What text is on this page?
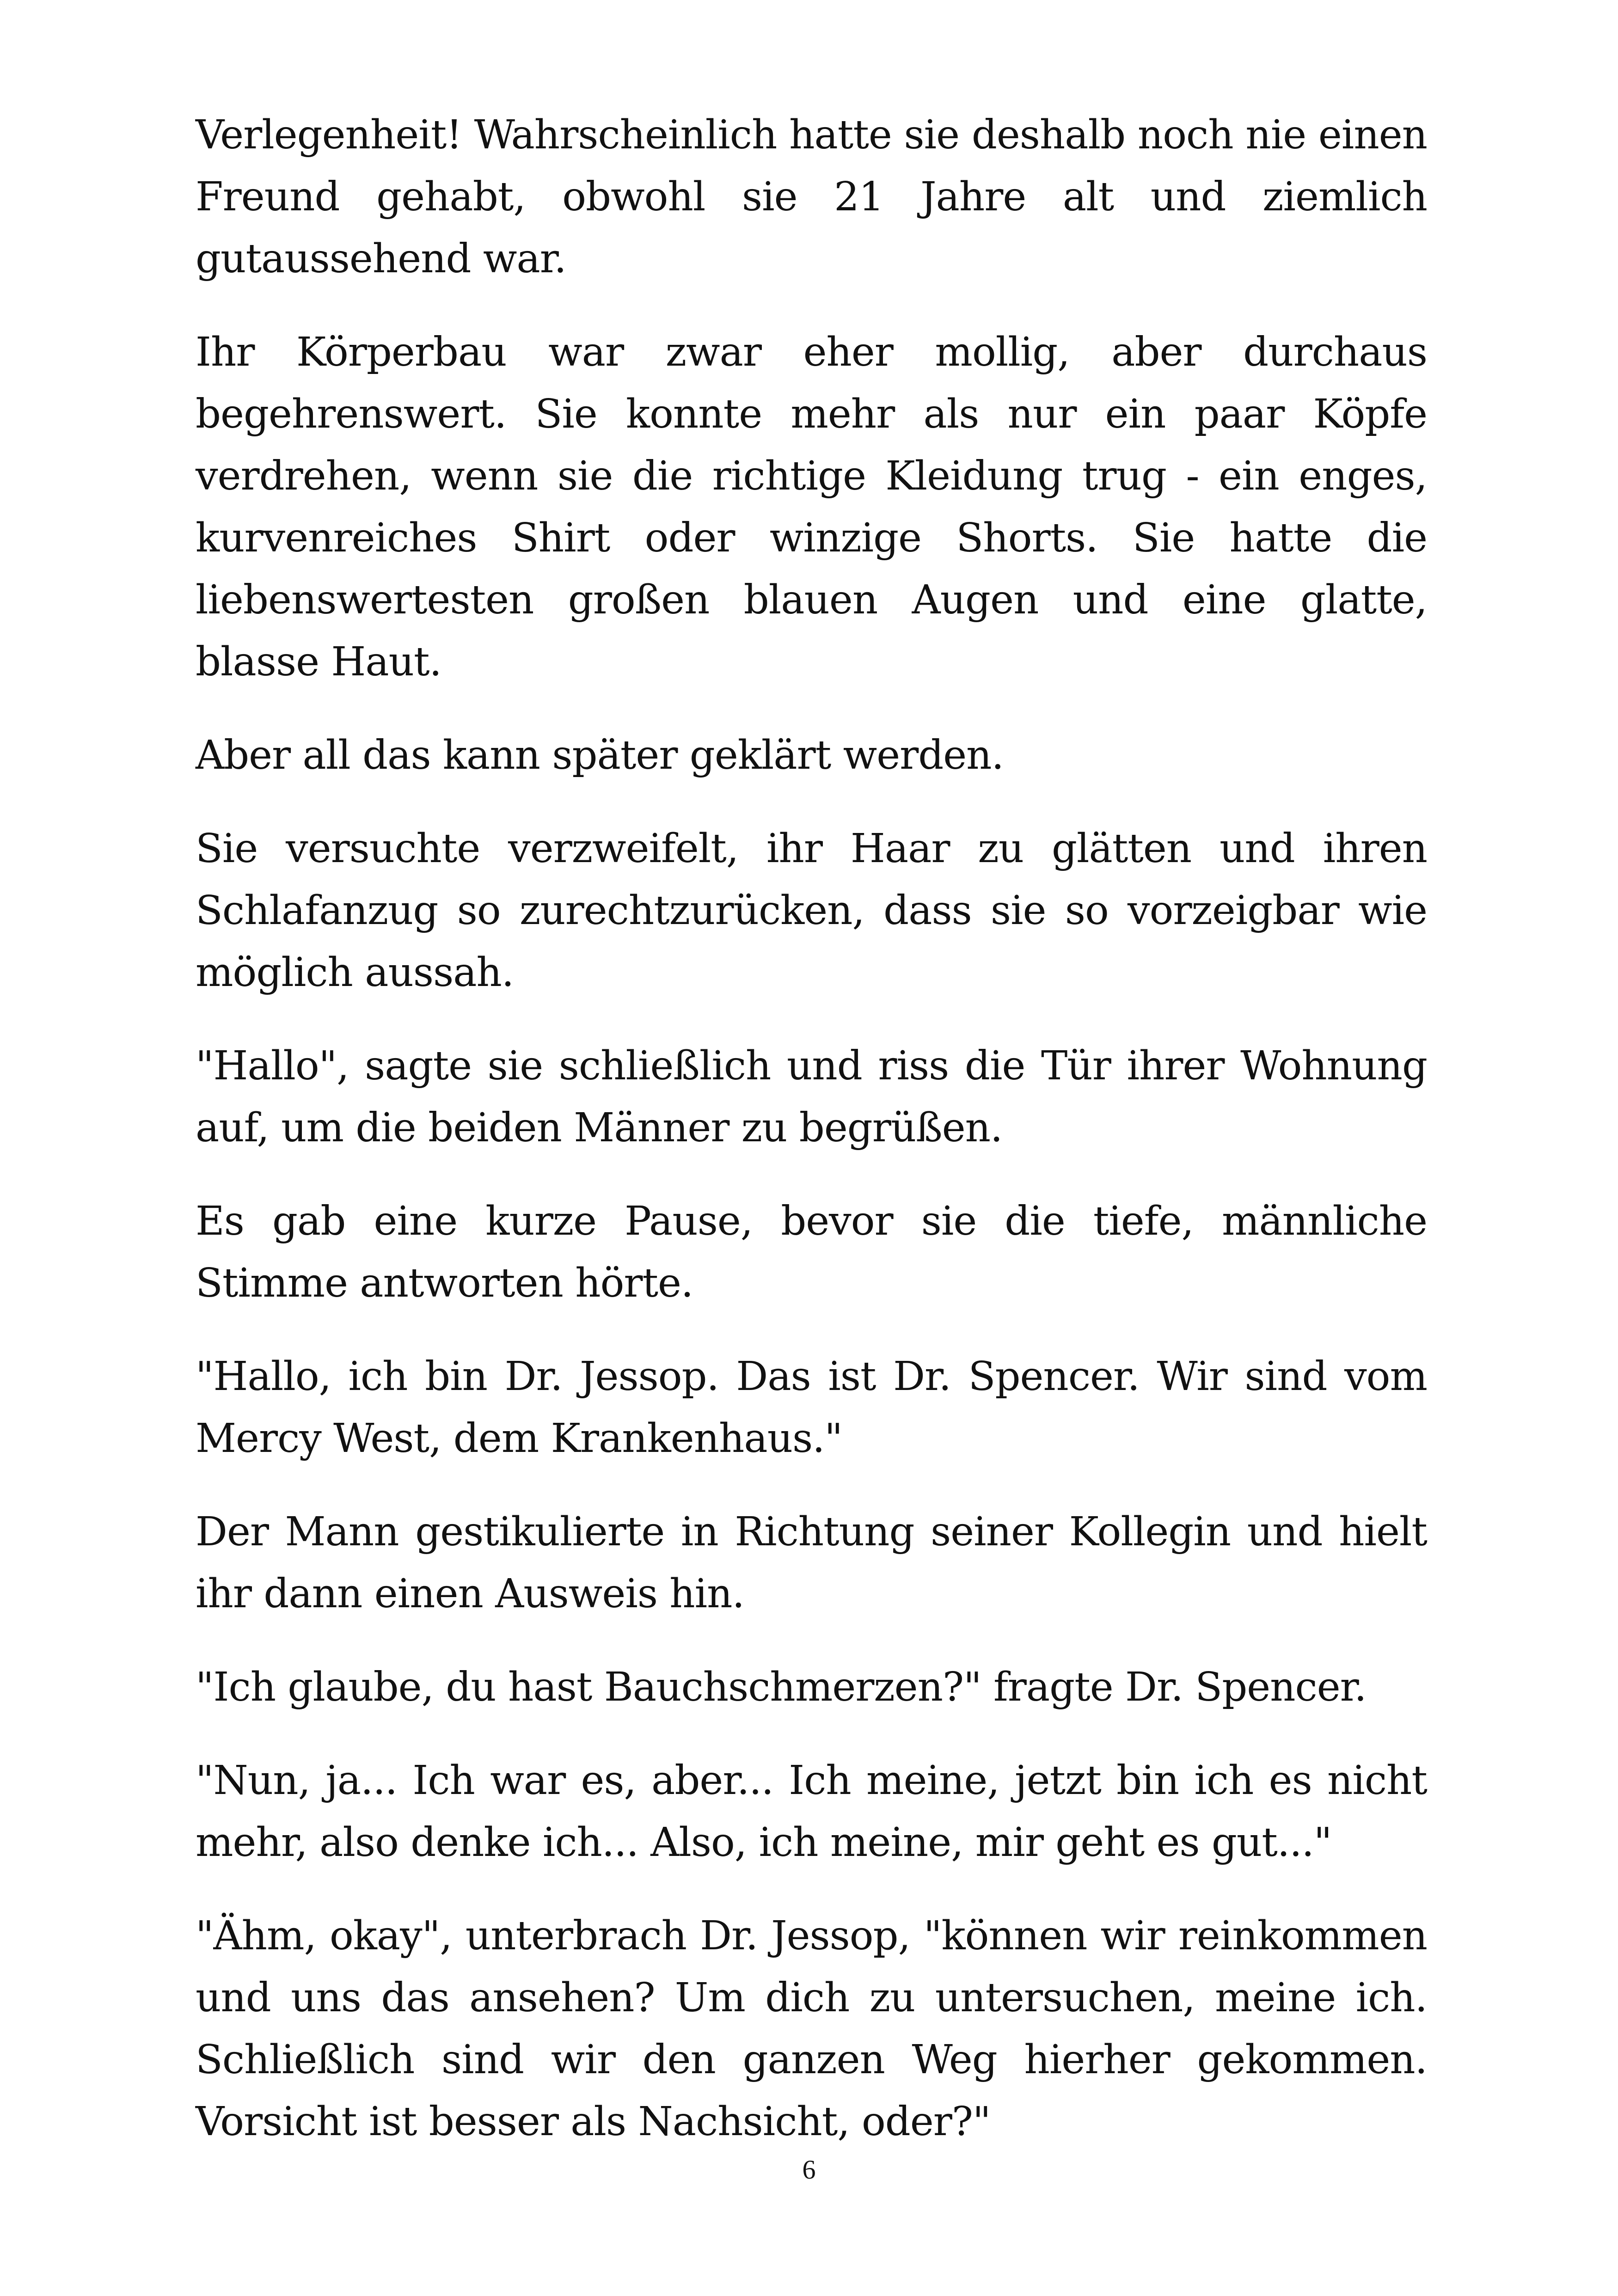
Verlegenheit! Wahrscheinlich hatte sie deshalb noch nie einen Freund gehabt, obwohl sie 21 Jahre alt und ziemlich gutaussehend war.

Ihr Körperbau war zwar eher mollig, aber durchaus begehrenswert. Sie konnte mehr als nur ein paar Köpfe verdrehen, wenn sie die richtige Kleidung trug - ein enges, kurvenreiches Shirt oder winzige Shorts. Sie hatte die liebenswertesten großen blauen Augen und eine glatte, blasse Haut.

Aber all das kann später geklärt werden.

Sie versuchte verzweifelt, ihr Haar zu glätten und ihren Schlafanzug so zurechtzurücken, dass sie so vorzeigbar wie möglich aussah.

"Hallo", sagte sie schließlich und riss die Tür ihrer Wohnung auf, um die beiden Männer zu begrüßen.

Es gab eine kurze Pause, bevor sie die tiefe, männliche Stimme antworten hörte.

"Hallo, ich bin Dr. Jessop. Das ist Dr. Spencer. Wir sind vom Mercy West, dem Krankenhaus."

Der Mann gestikulierte in Richtung seiner Kollegin und hielt ihr dann einen Ausweis hin.

"Ich glaube, du hast Bauchschmerzen?" fragte Dr. Spencer.

"Nun, ja... Ich war es, aber... Ich meine, jetzt bin ich es nicht mehr, also denke ich... Also, ich meine, mir geht es gut..."

"Ähm, okay", unterbrach Dr. Jessop, "können wir reinkommen und uns das ansehen? Um dich zu untersuchen, meine ich. Schließlich sind wir den ganzen Weg hierher gekommen. Vorsicht ist besser als Nachsicht, oder?"

6
